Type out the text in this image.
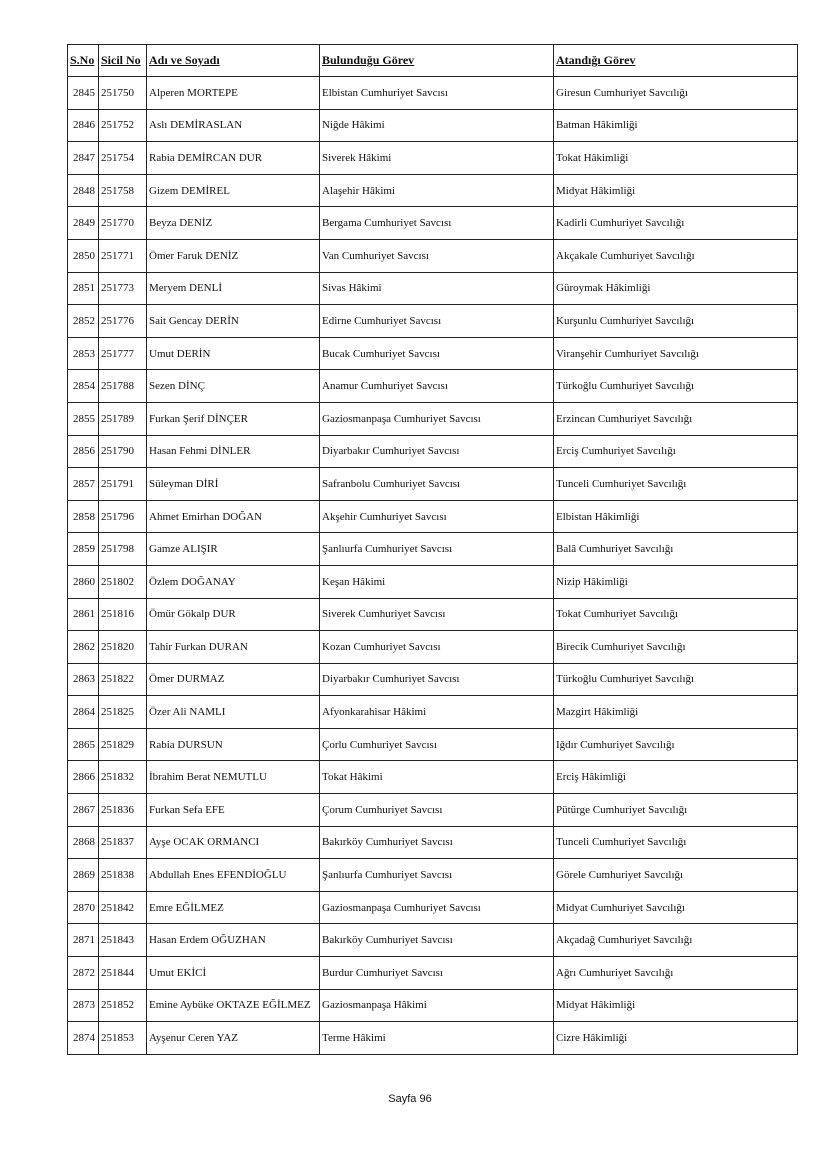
S.No	Sicil No	Adı ve Soyadı	Bulunduğu Görev	Atandığı Görev
2845	251750	Alperen MORTEPE	Elbistan Cumhuriyet Savcısı	Giresun Cumhuriyet Savcılığı
2846	251752	Aslı DEMİRASLAN	Niğde Hâkimi	Batman Hâkimliği
2847	251754	Rabia DEMİRCAN DUR	Siverek Hâkimi	Tokat Hâkimliği
2848	251758	Gizem DEMİREL	Alaşehir Hâkimi	Midyat Hâkimliği
2849	251770	Beyza DENİZ	Bergama Cumhuriyet Savcısı	Kadirli Cumhuriyet Savcılığı
2850	251771	Ömer Faruk DENİZ	Van Cumhuriyet Savcısı	Akçakale Cumhuriyet Savcılığı
2851	251773	Meryem DENLİ	Sivas Hâkimi	Güroymak Hâkimliği
2852	251776	Sait Gencay DERİN	Edirne Cumhuriyet Savcısı	Kurşunlu Cumhuriyet Savcılığı
2853	251777	Umut DERİN	Bucak Cumhuriyet Savcısı	Viranşehir Cumhuriyet Savcılığı
2854	251788	Sezen DİNÇ	Anamur Cumhuriyet Savcısı	Türkoğlu Cumhuriyet Savcılığı
2855	251789	Furkan Şerif DİNÇER	Gaziosmanpaşa Cumhuriyet Savcısı	Erzincan Cumhuriyet Savcılığı
2856	251790	Hasan Fehmi DİNLER	Diyarbakır Cumhuriyet Savcısı	Erciş Cumhuriyet Savcılığı
2857	251791	Süleyman DİRİ	Safranbolu Cumhuriyet Savcısı	Tunceli Cumhuriyet Savcılığı
2858	251796	Ahmet Emirhan DOĞAN	Akşehir Cumhuriyet Savcısı	Elbistan Hâkimliği
2859	251798	Gamze ALIŞIR	Şanlıurfa Cumhuriyet Savcısı	Balâ Cumhuriyet Savcılığı
2860	251802	Özlem DOĞANAY	Keşan Hâkimi	Nizip Hâkimliği
2861	251816	Ömür Gökalp DUR	Siverek Cumhuriyet Savcısı	Tokat Cumhuriyet Savcılığı
2862	251820	Tahir Furkan DURAN	Kozan Cumhuriyet Savcısı	Birecik Cumhuriyet Savcılığı
2863	251822	Ömer DURMAZ	Diyarbakır Cumhuriyet Savcısı	Türkoğlu Cumhuriyet Savcılığı
2864	251825	Özer Ali NAMLI	Afyonkarahisar Hâkimi	Mazgirt Hâkimliği
2865	251829	Rabia DURSUN	Çorlu Cumhuriyet Savcısı	Iğdır Cumhuriyet Savcılığı
2866	251832	İbrahim Berat NEMUTLU	Tokat Hâkimi	Erciş Hâkimliği
2867	251836	Furkan Sefa EFE	Çorum Cumhuriyet Savcısı	Pütürge Cumhuriyet Savcılığı
2868	251837	Ayşe OCAK ORMANCI	Bakırköy Cumhuriyet Savcısı	Tunceli Cumhuriyet Savcılığı
2869	251838	Abdullah Enes EFENDİOĞLU	Şanlıurfa Cumhuriyet Savcısı	Görele Cumhuriyet Savcılığı
2870	251842	Emre EĞİLMEZ	Gaziosmanpaşa Cumhuriyet Savcısı	Midyat Cumhuriyet Savcılığı
2871	251843	Hasan Erdem OĞUZHAN	Bakırköy Cumhuriyet Savcısı	Akçadağ Cumhuriyet Savcılığı
2872	251844	Umut EKİCİ	Burdur Cumhuriyet Savcısı	Ağrı Cumhuriyet Savcılığı
2873	251852	Emine Aybüke OKTAZE EĞİLMEZ	Gaziosmanpaşa Hâkimi	Midyat Hâkimliği
2874	251853	Ayşenur Ceren YAZ	Terme Hâkimi	Cizre Hâkimliği
Sayfa 96
